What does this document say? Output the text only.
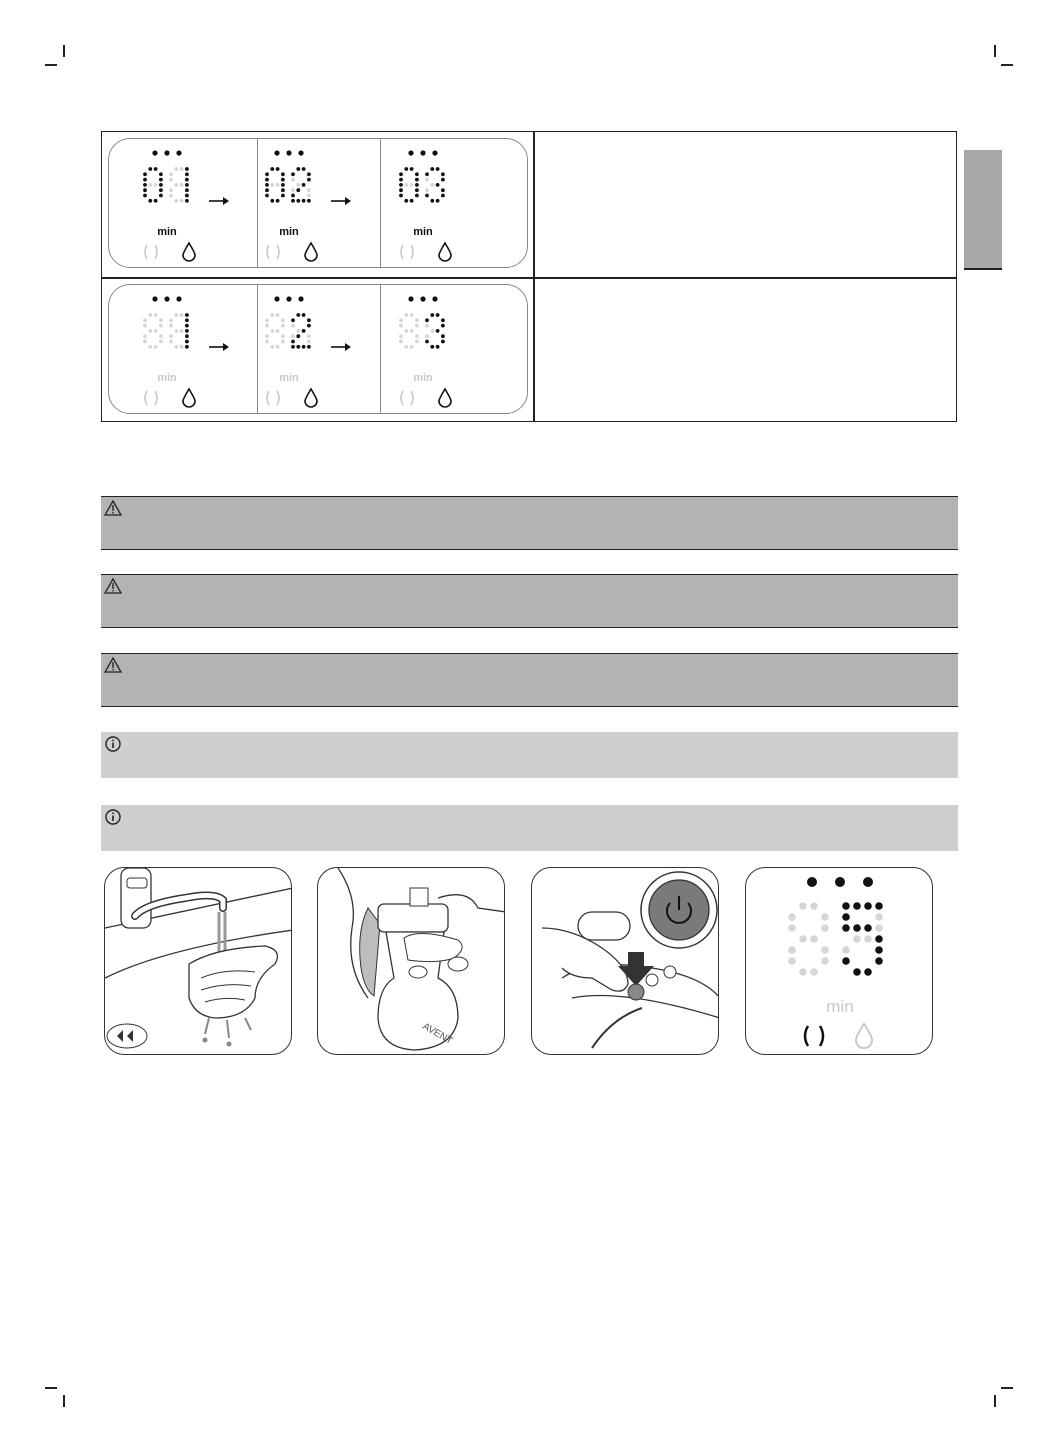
min	min	min
min	min	min
AVENT
min
